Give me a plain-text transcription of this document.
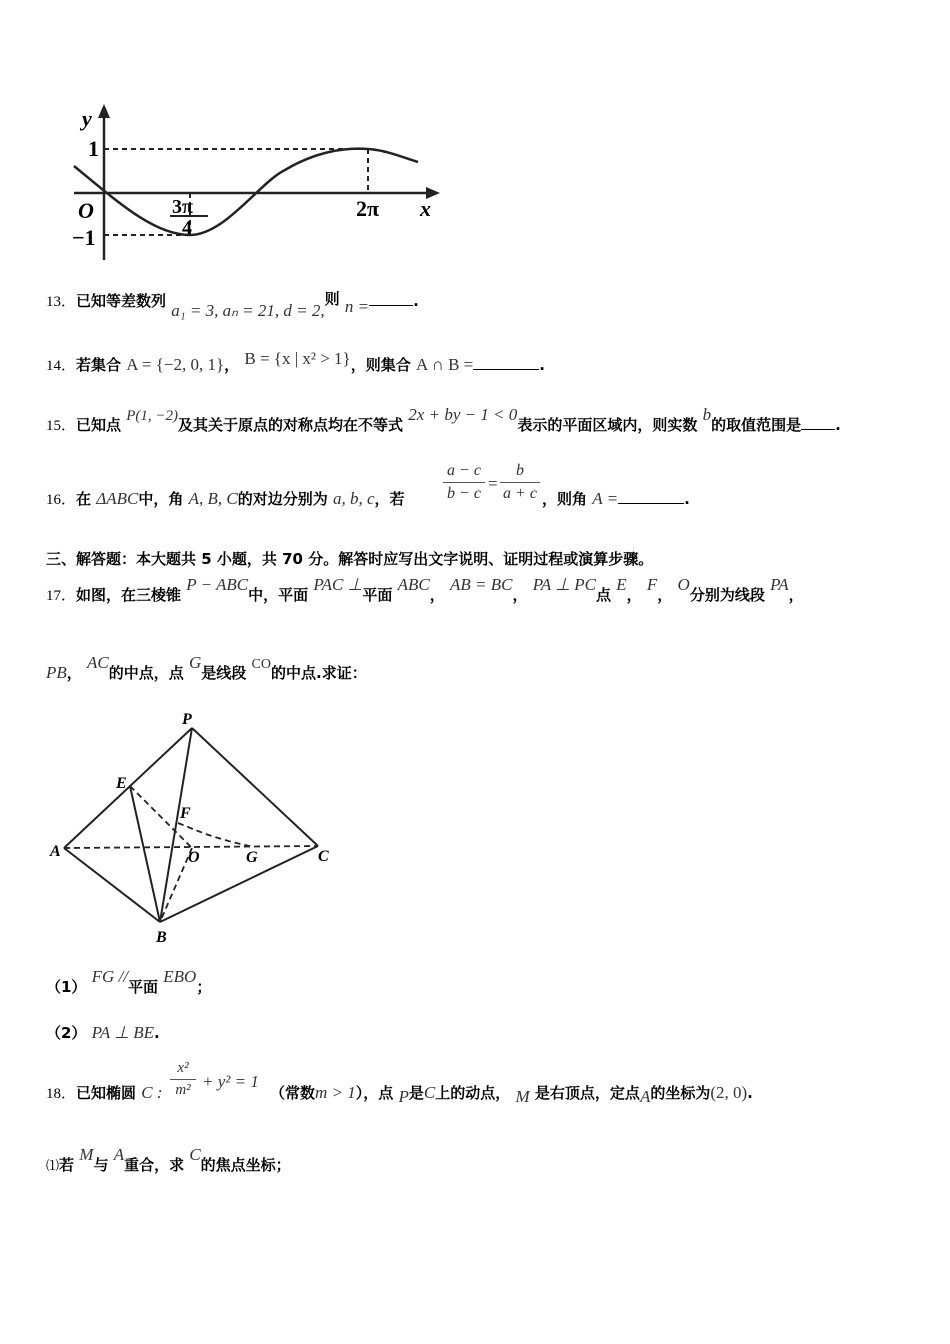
y
x
O
1
−1
3π
4
2π
13．已知等差数列 a₁ = 3, aₙ = 21, d = 2,则 n =	.
14．若集合 A = {−2, 0, 1}， B = {x | x² > 1}，则集合 A ∩ B =	.
15．已知点 P(1, −2)及其关于原点的对称点均在不等式 2x + by − 1 < 0表示的平面区域内，则实数 b的取值范围是 .
16．在 ΔABC中，角 A, B, C的对边分别为 a, b, c，若
a − c
b − c
=
b
a + c ，则角 A =	.
三、解答题：本大题共 5 小题，共 70 分。解答时应写出文字说明、证明过程或演算步骤。
17．如图，在三棱锥 P − ABC中，平面 PAC ⊥平面 ABC， AB = BC， PA ⊥ PC点 E， F， O分别为线段 PA，
PB， AC的中点，点 G是线段 CO的中点.求证：
P
E
F
A	O	G	C
B
（1） FG //平面 EBO；
（2） PA ⊥ BE.
18．已知椭圆 C :
x²
m² + y² = 1
（常数m > 1），点 P是C上的动点， M 是右顶点，定点A的坐标为(2, 0).
⑴若 M与 A重合，求 C的焦点坐标；
